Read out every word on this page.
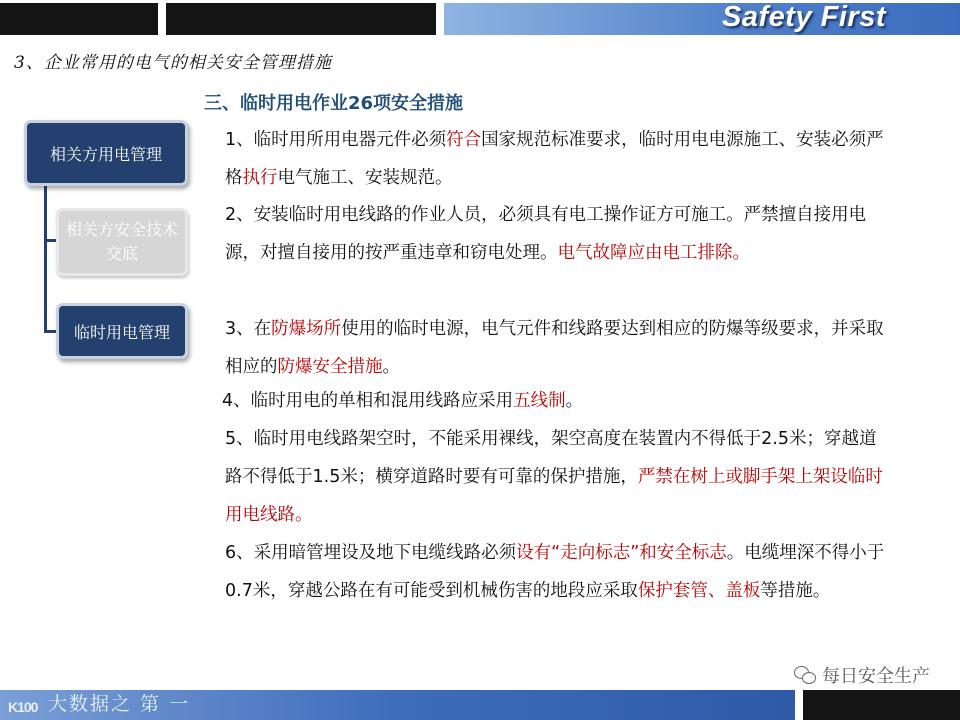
Safety First
3、企业常用的电气的相关安全管理措施
三、临时用电作业26项安全措施
相关方用电管理
相关方安全技术交底
临时用电管理
1、临时用所用电器元件必须符合国家规范标准要求，临时用电电源施工、安装必须严格执行电气施工、安装规范。
2、安装临时用电线路的作业人员，必须具有电工操作证方可施工。严禁擅自接用电源，对擅自接用的按严重违章和窃电处理。电气故障应由电工排除。
3、在防爆场所使用的临时电源，电气元件和线路要达到相应的防爆等级要求，并采取相应的防爆安全措施。
4、临时用电的单相和混用线路应采用五线制。
5、临时用电线路架空时，不能采用裸线，架空高度在装置内不得低于2.5米；穿越道路不得低于1.5米；横穿道路时要有可靠的保护措施，严禁在树上或脚手架上架设临时用电线路。
6、采用暗管埋设及地下电缆线路必须设有“走向标志”和安全标志。电缆埋深不得小于0.7米，穿越公路在有可能受到机械伤害的地段应采取保护套管、盖板等措施。
每日安全生产
K100 大数据之 第 一
